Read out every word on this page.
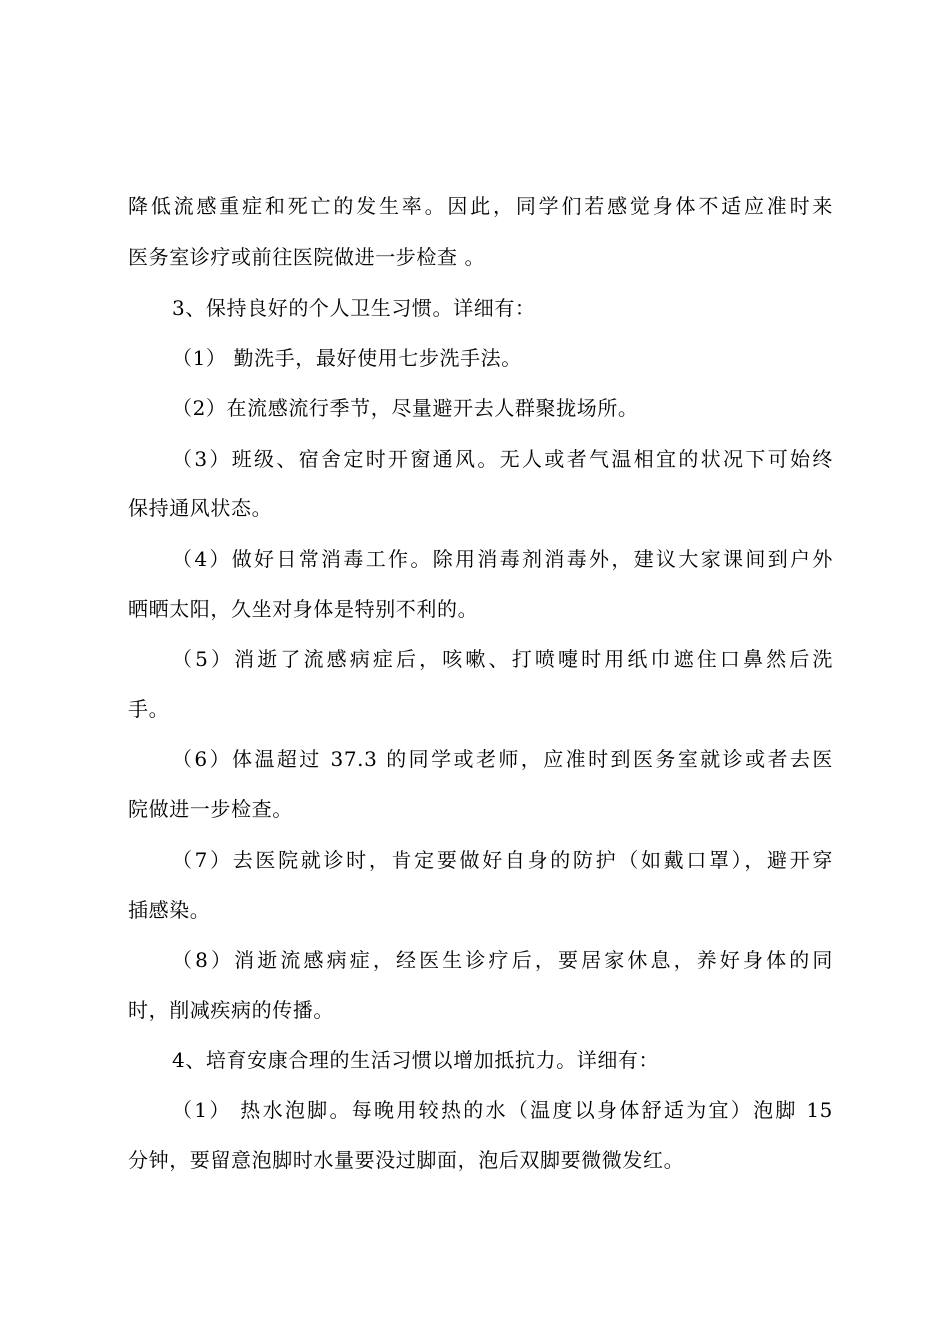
降低流感重症和死亡的发生率。因此，同学们若感觉身体不适应准时来
医务室诊疗或前往医院做进一步检查 。
3、保持良好的个人卫生习惯。详细有：
（1） 勤洗手，最好使用七步洗手法。
（2）在流感流行季节，尽量避开去人群聚拢场所。
（3）班级、宿舍定时开窗通风。无人或者气温相宜的状况下可始终
保持通风状态。
（4）做好日常消毒工作。除用消毒剂消毒外，建议大家课间到户外
晒晒太阳，久坐对身体是特别不利的。
（5）消逝了流感病症后，咳嗽、打喷嚏时用纸巾遮住口鼻然后洗
手。
（6）体温超过 37.3 的同学或老师，应准时到医务室就诊或者去医
院做进一步检查。
（7）去医院就诊时，肯定要做好自身的防护（如戴口罩），避开穿
插感染。
（8）消逝流感病症，经医生诊疗后，要居家休息，养好身体的同
时，削减疾病的传播。
4、培育安康合理的生活习惯以增加抵抗力。详细有：
（1） 热水泡脚。每晚用较热的水（温度以身体舒适为宜）泡脚 15
分钟，要留意泡脚时水量要没过脚面，泡后双脚要微微发红。
